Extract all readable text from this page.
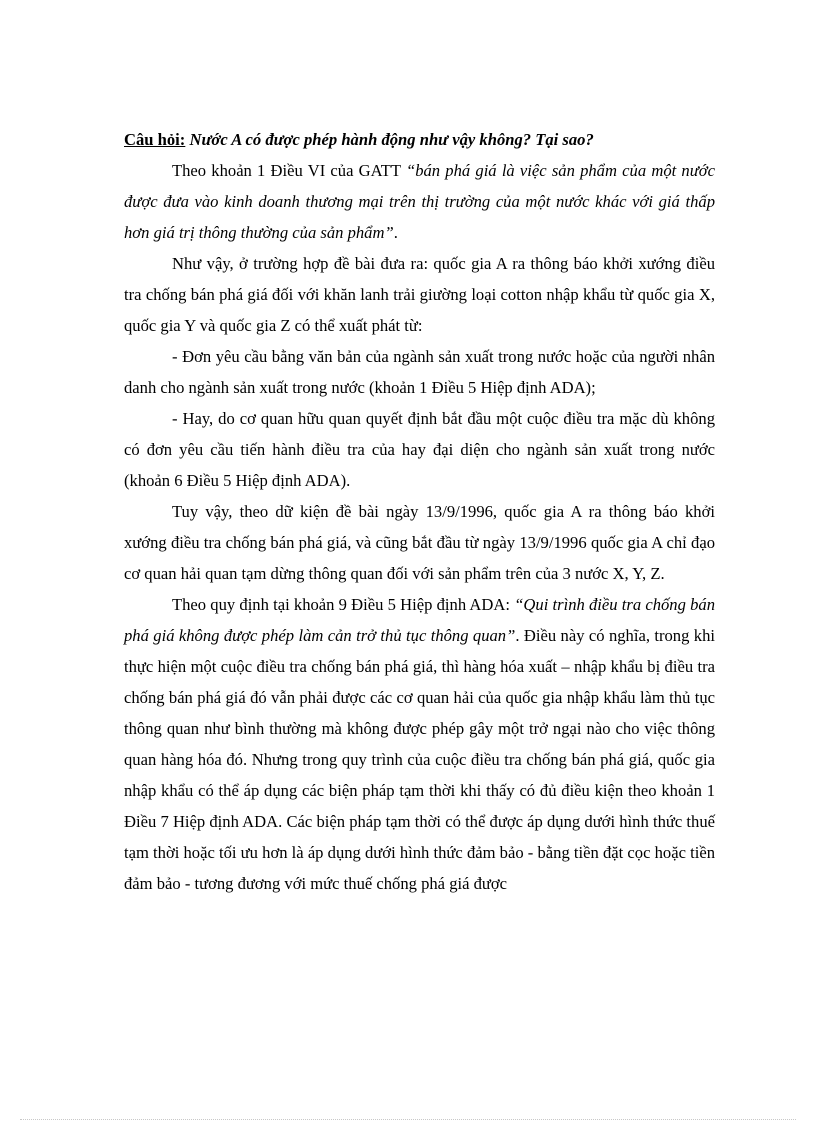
Câu hỏi: Nước A có được phép hành động như vậy không? Tại sao?

Theo khoản 1 Điều VI của GATT “bán phá giá là việc sản phẩm của một nước được đưa vào kinh doanh thương mại trên thị trường của một nước khác với giá thấp hơn giá trị thông thường của sản phẩm”.

Như vậy, ở trường hợp đề bài đưa ra: quốc gia A ra thông báo khởi xướng điều tra chống bán phá giá đối với khăn lanh trải giường loại cotton nhập khẩu từ quốc gia X, quốc gia Y và quốc gia Z có thể xuất phát từ:

- Đơn yêu cầu bằng văn bản của ngành sản xuất trong nước hoặc của người nhân danh cho ngành sản xuất trong nước (khoản 1 Điều 5 Hiệp định ADA);

- Hay, do cơ quan hữu quan quyết định bắt đầu một cuộc điều tra mặc dù không có đơn yêu cầu tiến hành điều tra của hay đại diện cho ngành sản xuất trong nước (khoản 6 Điều 5 Hiệp định ADA).

Tuy vậy, theo dữ kiện đề bài ngày 13/9/1996, quốc gia A ra thông báo khởi xướng điều tra chống bán phá giá, và cũng bắt đầu từ ngày 13/9/1996 quốc gia A chỉ đạo cơ quan hải quan tạm dừng thông quan đối với sản phẩm trên của 3 nước X, Y, Z.

Theo quy định tại khoản 9 Điều 5 Hiệp định ADA: “Qui trình điều tra chống bán phá giá không được phép làm cản trở thủ tục thông quan”. Điều này có nghĩa, trong khi thực hiện một cuộc điều tra chống bán phá giá, thì hàng hóa xuất – nhập khẩu bị điều tra chống bán phá giá đó vẫn phải được các cơ quan hải của quốc gia nhập khẩu làm thủ tục thông quan như bình thường mà không được phép gây một trở ngại nào cho việc thông quan hàng hóa đó. Nhưng trong quy trình của cuộc điều tra chống bán phá giá, quốc gia nhập khẩu có thể áp dụng các biện pháp tạm thời khi thấy có đủ điều kiện theo khoản 1 Điều 7 Hiệp định ADA. Các biện pháp tạm thời có thể được áp dụng dưới hình thức thuế tạm thời hoặc tối ưu hơn là áp dụng dưới hình thức đảm bảo - bằng tiền đặt cọc hoặc tiền đảm bảo - tương đương với mức thuế chống phá giá được
